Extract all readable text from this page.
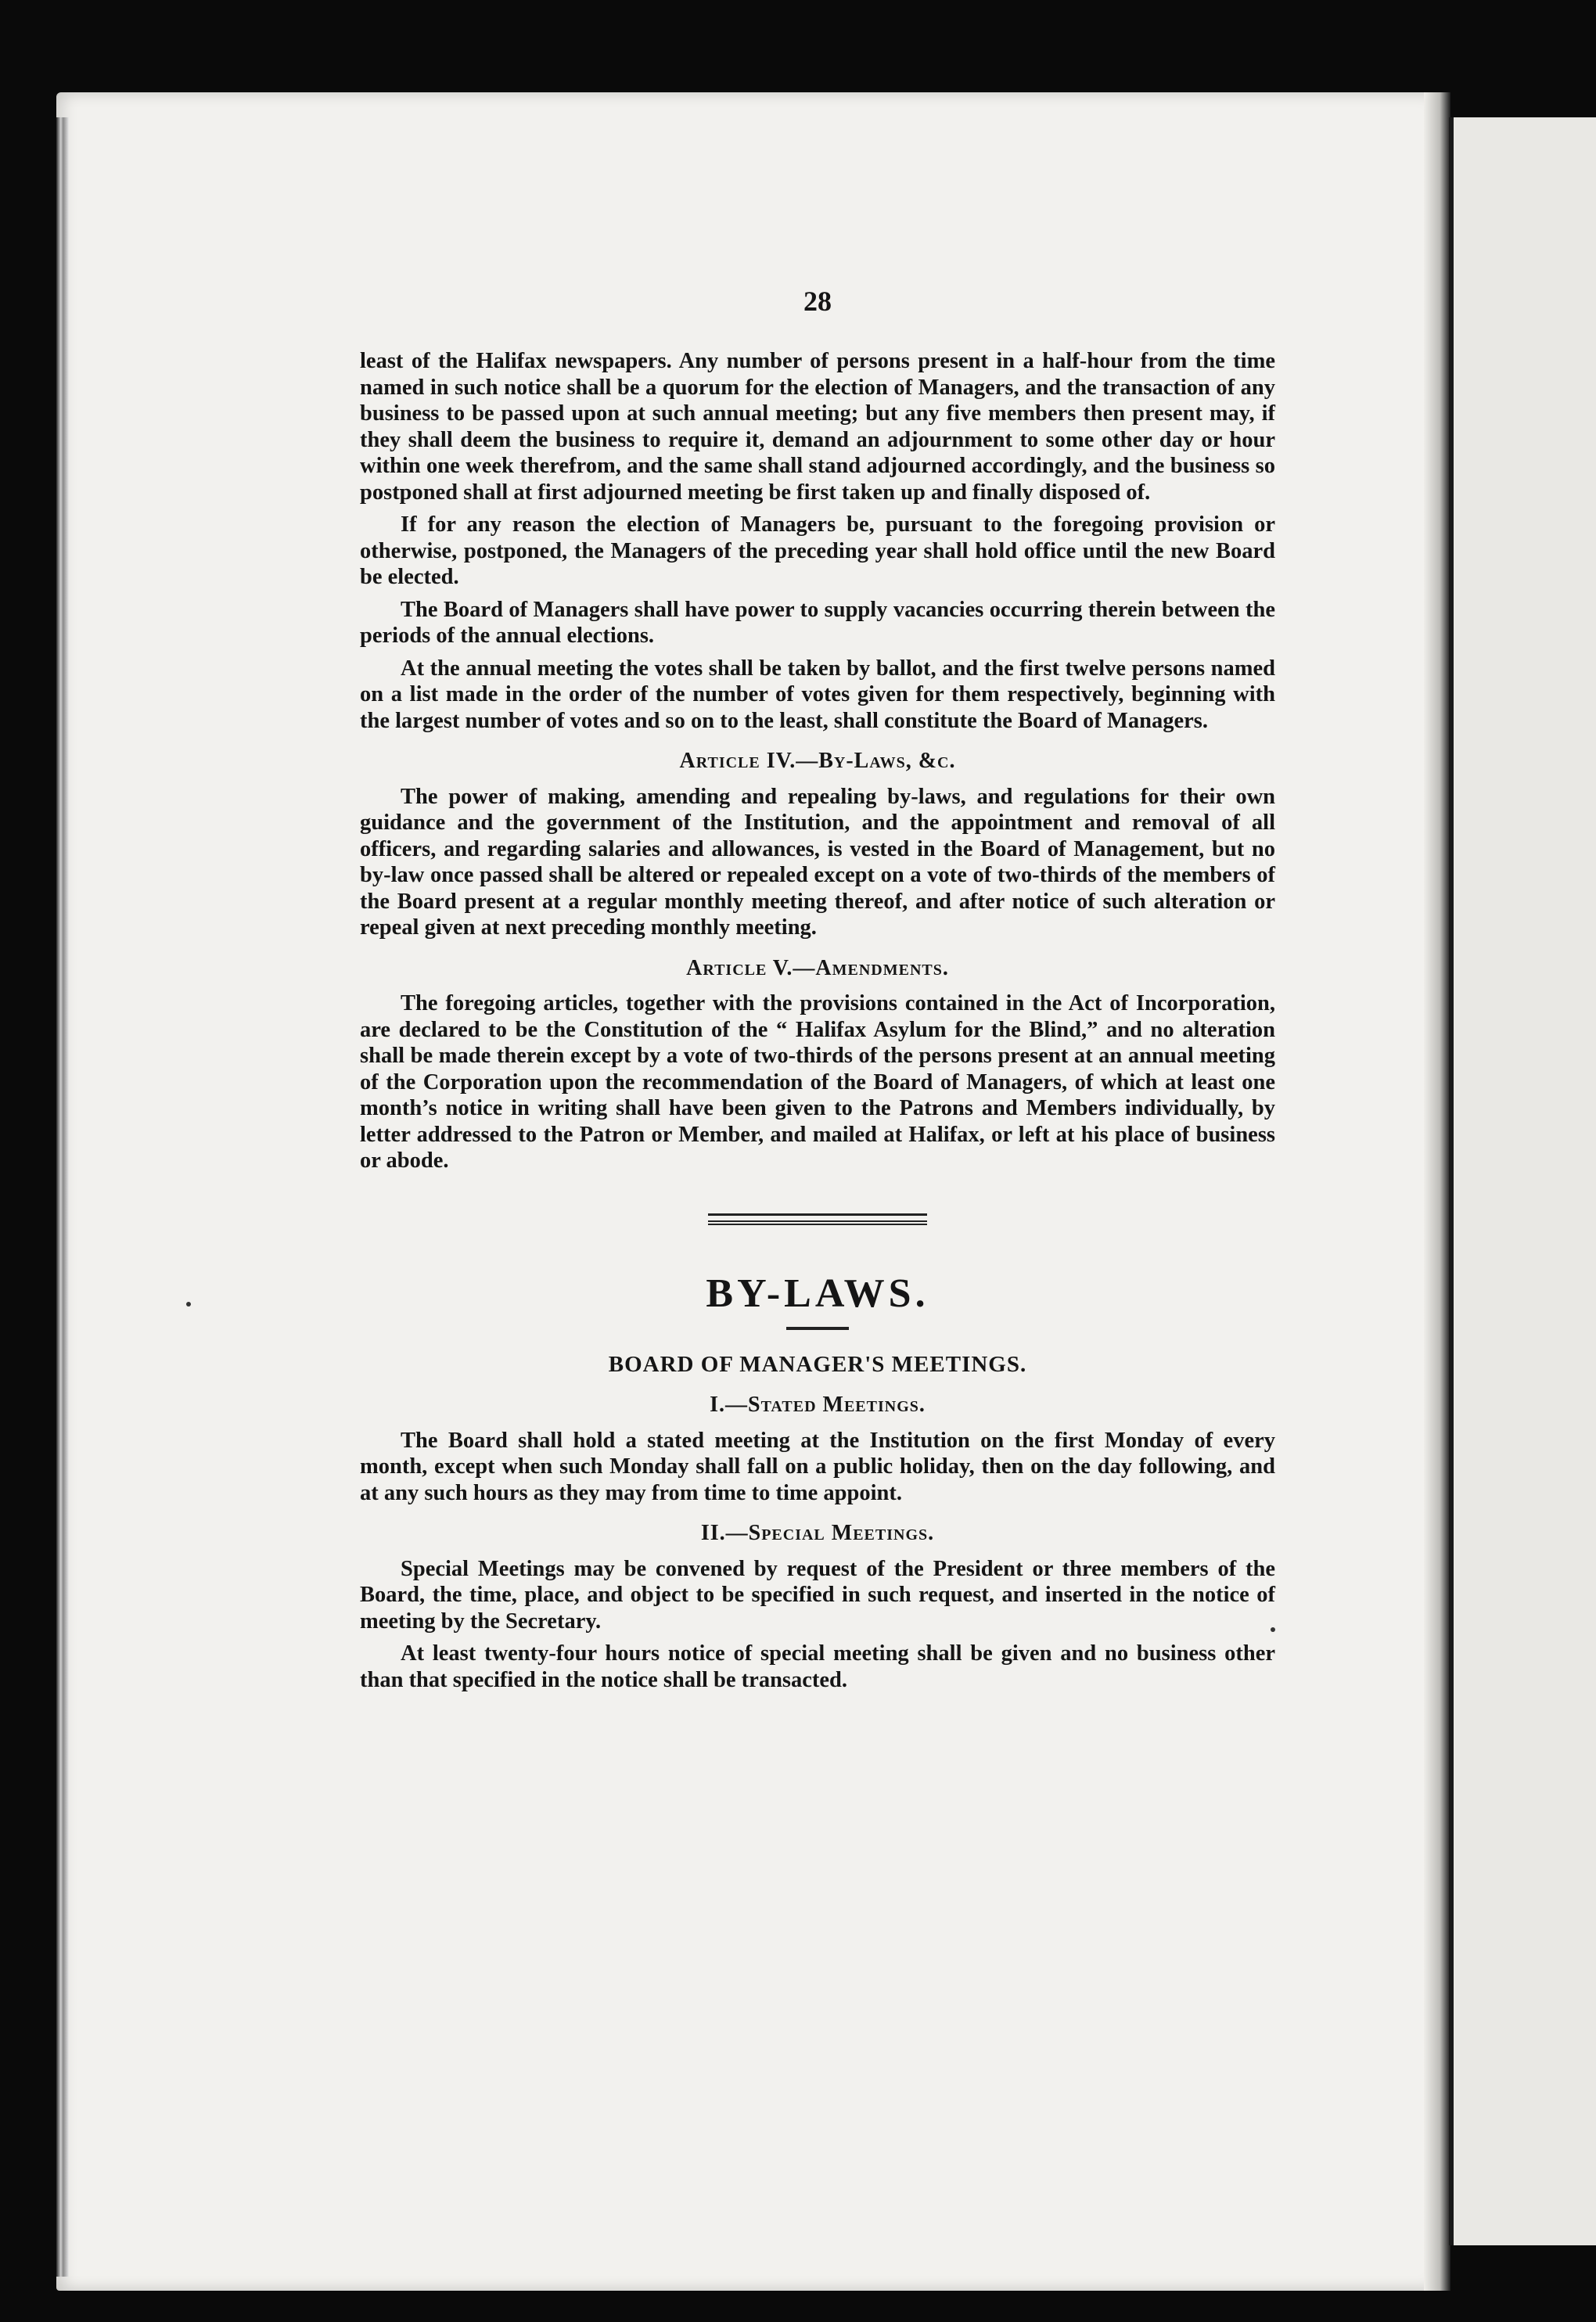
28

least of the Halifax newspapers. Any number of persons present in a half-hour from the time named in such notice shall be a quorum for the election of Managers, and the transaction of any business to be passed upon at such annual meeting; but any five members then present may, if they shall deem the business to require it, demand an adjournment to some other day or hour within one week therefrom, and the same shall stand adjourned accordingly, and the business so postponed shall at first adjourned meeting be first taken up and finally disposed of.

If for any reason the election of Managers be, pursuant to the foregoing provision or otherwise, postponed, the Managers of the preceding year shall hold office until the new Board be elected.

The Board of Managers shall have power to supply vacancies occurring therein between the periods of the annual elections.

At the annual meeting the votes shall be taken by ballot, and the first twelve persons named on a list made in the order of the number of votes given for them respectively, beginning with the largest number of votes and so on to the least, shall constitute the Board of Managers.

Article IV.—By-Laws, &c.

The power of making, amending and repealing by-laws, and regulations for their own guidance and the government of the Institution, and the appointment and removal of all officers, and regarding salaries and allowances, is vested in the Board of Management, but no by-law once passed shall be altered or repealed except on a vote of two-thirds of the members of the Board present at a regular monthly meeting thereof, and after notice of such alteration or repeal given at next preceding monthly meeting.

Article V.—Amendments.

The foregoing articles, together with the provisions contained in the Act of Incorporation, are declared to be the Constitution of the “ Halifax Asylum for the Blind,” and no alteration shall be made therein except by a vote of two-thirds of the persons present at an annual meeting of the Corporation upon the recommendation of the Board of Managers, of which at least one month’s notice in writing shall have been given to the Patrons and Members individually, by letter addressed to the Patron or Member, and mailed at Halifax, or left at his place of business or abode.

BY-LAWS.
BOARD OF MANAGER'S MEETINGS.
I.—Stated Meetings.

The Board shall hold a stated meeting at the Institution on the first Monday of every month, except when such Monday shall fall on a public holiday, then on the day following, and at any such hours as they may from time to time appoint.

II.—Special Meetings.

Special Meetings may be convened by request of the President or three members of the Board, the time, place, and object to be specified in such request, and inserted in the notice of meeting by the Secretary.

At least twenty-four hours notice of special meeting shall be given and no business other than that specified in the notice shall be transacted.
